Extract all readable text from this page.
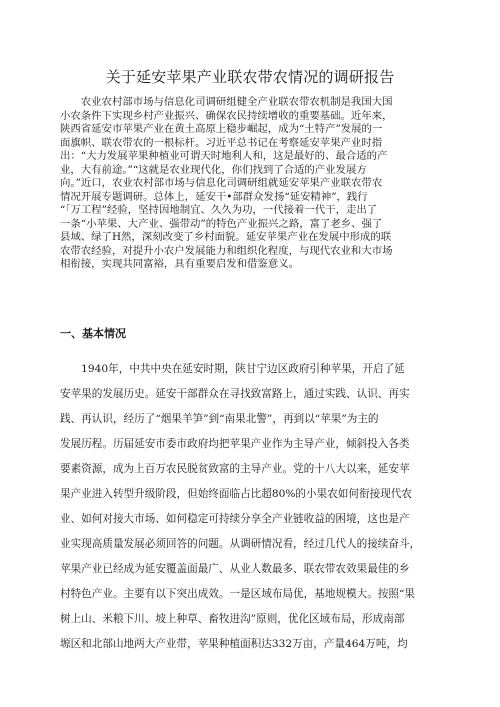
关于延安苹果产业联农带农情况的调研报告
　　农业农村部市场与信息化司调研组健全产业联农带农机制是我国大国
小农条件下实现乡村产业振兴、确保农民持续增收的重要基础。近年来，
陕西省延安市苹果产业在黄土高原上稳步崛起，成为“土特产”发展的一
面旗帜、联农带农的一根标杆。习近平总书记在考察延安苹果产业时指
出：“大力发展苹果种植业可谓天时地利人和，这是最好的、最合适的产
业，大有前途。”“这就是农业现代化，你们找到了合适的产业发展方
向。”近口，农业农村部市场与信息化司调研组就延安苹果产业联农带农
情况开展专题调研。总体上，延安干•部群众发扬“延安精神”，践行
“「万工程”经验，坚持因地制宜、久久为功，一代接着一代干，走出了
一条“小苹果、大产业、强带动”的特色产业振兴之路，富了老乡、强了
县域、绿了H然，深刻改变了乡村面貌。延安苹果产业在发展中形成的联
农带农经验，对提升小农户发展能力和组织化程度，与现代农业和大市场
相衔接，实现共同富裕，具有重要启发和借鉴意义。
一、基本情况
　　1940年，中共中央在延安时期，陕甘宁边区政府引种苹果，开启了延
安苹果的发展历史。延安干部群众在寻找致富路上，通过实践、认识、再实
践、再认识，经历了“烟果羊笋”到“南果北警”，再到以“苹果”为主的
发展历程。历届延安市委市政府均把苹果产业作为主导产业，倾斜投入各类
要素资源，成为上百万农民脱贫致富的主导产业。党的十八大以来，延安苹
果产业进入转型升级阶段，但始终面临占比超80%的小果农如何衔接现代农
业、如何对接大市场、如何稳定可持续分享全产业链收益的困境，这也是产
业实现高质量发展必须回答的问题。从调研情况看，经过几代人的接续奋斗，
苹果产业已经成为延安覆盖面最广、从业人数最多、联农带农效果最佳的乡
村特色产业。主要有以下突出成效。一是区域布局优，基地规模大。按照“果
树上山、米粮下川、坡上种草、畜牧进沟”原则，优化区域布局，形成南部
塬区和北部山地两大产业带，苹果种植面积达332万亩，产量464万吨，均
